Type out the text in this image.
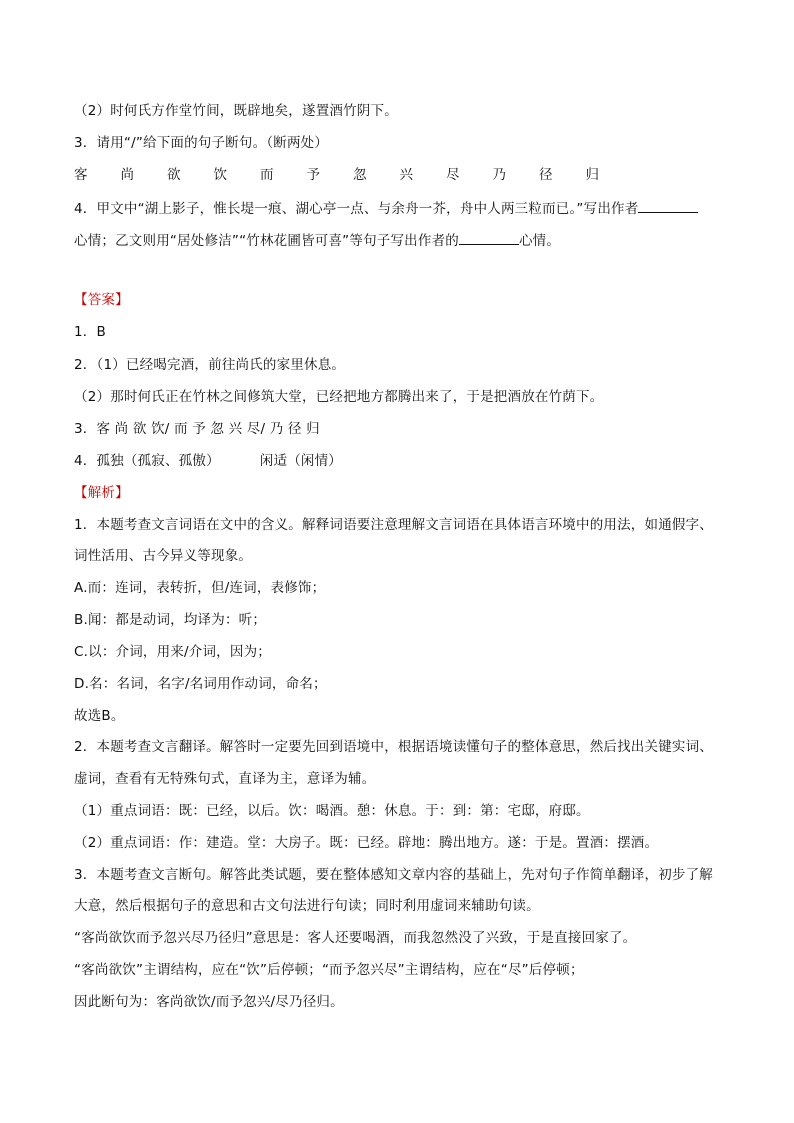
（2）时何氏方作堂竹间，既辟地矣，遂置酒竹阴下。
3．请用“/”给下面的句子断句。（断两处）
客	尚	欲	饮	而	予	忽	兴	尽	乃	径	归
4．甲文中“湖上影子，惟长堤一痕、湖心亭一点、与余舟一芥，舟中人两三粒而已。”写出作者
心情；乙文则用“居处修洁”“竹林花圃皆可喜”等句子写出作者的	心情。
【答案】
1．B
2．（1）已经喝完酒，前往尚氏的家里休息。
（2）那时何氏正在竹林之间修筑大堂，已经把地方都腾出来了，于是把酒放在竹荫下。
3．客 尚 欲 饮/ 而 予 忽 兴 尽/ 乃 径 归
4．孤独（孤寂、孤傲）	闲适（闲情）
【解析】
1．本题考查文言词语在文中的含义。解释词语要注意理解文言词语在具体语言环境中的用法，如通假字、
词性活用、古今异义等现象。
A.而：连词，表转折，但/连词，表修饰；
B.闻：都是动词，均译为：听；
C.以：介词，用来/介词，因为；
D.名：名词，名字/名词用作动词，命名；
故选B。
2．本题考查文言翻译。解答时一定要先回到语境中，根据语境读懂句子的整体意思，然后找出关键实词、
虚词，查看有无特殊句式，直译为主，意译为辅。
（1）重点词语：既：已经，以后。饮：喝酒。憩：休息。于：到：第：宅邸，府邸。
（2）重点词语：作：建造。堂：大房子。既：已经。辟地：腾出地方。遂：于是。置酒：摆酒。
3．本题考查文言断句。解答此类试题，要在整体感知文章内容的基础上，先对句子作简单翻译，初步了解
大意，然后根据句子的意思和古文句法进行句读；同时利用虚词来辅助句读。
“客尚欲饮而予忽兴尽乃径归”意思是：客人还要喝酒，而我忽然没了兴致，于是直接回家了。
“客尚欲饮”主谓结构，应在“饮”后停顿；“而予忽兴尽”主谓结构，应在“尽”后停顿；
因此断句为：客尚欲饮/而予忽兴/尽乃径归。
